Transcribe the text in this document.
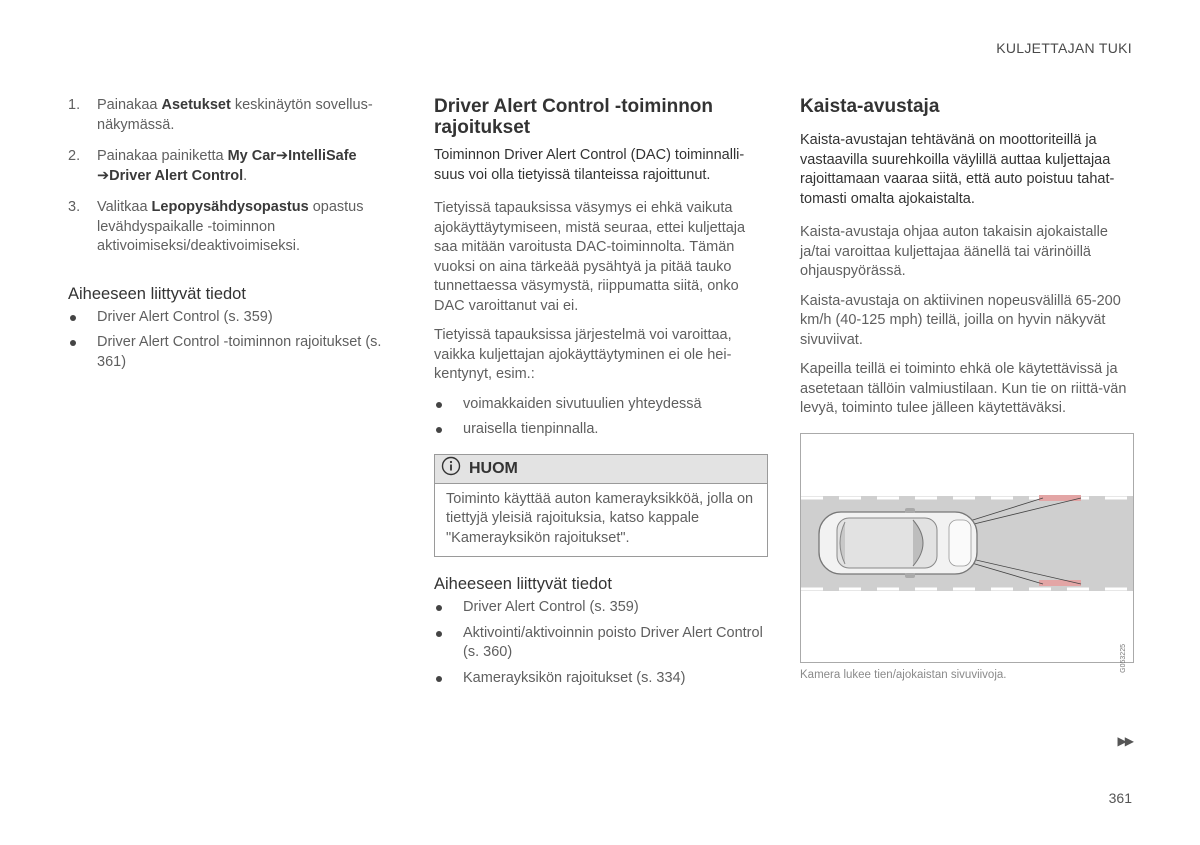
KULJETTAJAN TUKI
1. Painakaa Asetukset keskinäytön sovellus-näkymässä.
2. Painakaa painiketta My Car➔IntelliSafe
➔Driver Alert Control.
3. Valitkaa Lepopysähdysopastus opastus levähdyspaikalle -toiminnon aktivoimiseksi/deaktivoimiseksi.
Aiheeseen liittyvät tiedot
Driver Alert Control (s. 359)
Driver Alert Control -toiminnon rajoitukset (s. 361)
Driver Alert Control -toiminnon rajoitukset

Toiminnon Driver Alert Control (DAC) toiminnalli-suus voi olla tietyissä tilanteissa rajoittunut.

Tietyissä tapauksissa väsymys ei ehkä vaikuta ajokäyttäytymiseen, mistä seuraa, ettei kuljettaja saa mitään varoitusta DAC-toiminnolta. Tämän vuoksi on aina tärkeää pysähtyä ja pitää tauko tunnettaessa väsymystä, riippumatta siitä, onko DAC varoittanut vai ei.

Tietyissä tapauksissa järjestelmä voi varoittaa, vaikka kuljettajan ajokäyttäytyminen ei ole hei-kentynyt, esim.:

voimakkaiden sivutuulien yhteydessä
uraisella tienpinnalla.
HUOM
Toiminto käyttää auton kamerayksikköä, jolla on tiettyjä yleisiä rajoituksia, katso kappale "Kamerayksikön rajoitukset".
Aiheeseen liittyvät tiedot
Driver Alert Control (s. 359)
Aktivointi/aktivoinnin poisto Driver Alert Control (s. 360)
Kamerayksikön rajoitukset (s. 334)
Kaista-avustaja

Kaista-avustajan tehtävänä on moottoriteillä ja vastaavilla suurehkoilla väylillä auttaa kuljettajaa rajoittamaan vaaraa siitä, että auto poistuu tahat-tomasti omalta ajokaistalta.

Kaista-avustaja ohjaa auton takaisin ajokaistalle ja/tai varoittaa kuljettajaa äänellä tai värinöillä ohjauspyörässä.

Kaista-avustaja on aktiivinen nopeusvälillä 65-200 km/h (40-125 mph) teillä, joilla on hyvin näkyvät sivuviivat.

Kapeilla teillä ei toiminto ehkä ole käytettävissä ja asetetaan tällöin valmiustilaan. Kun tie on riittä-vän levyä, toiminto tulee jälleen käytettäväksi.

G053225
Kamera lukee tien/ajokaistan sivuviivoja.
▶▶
361
